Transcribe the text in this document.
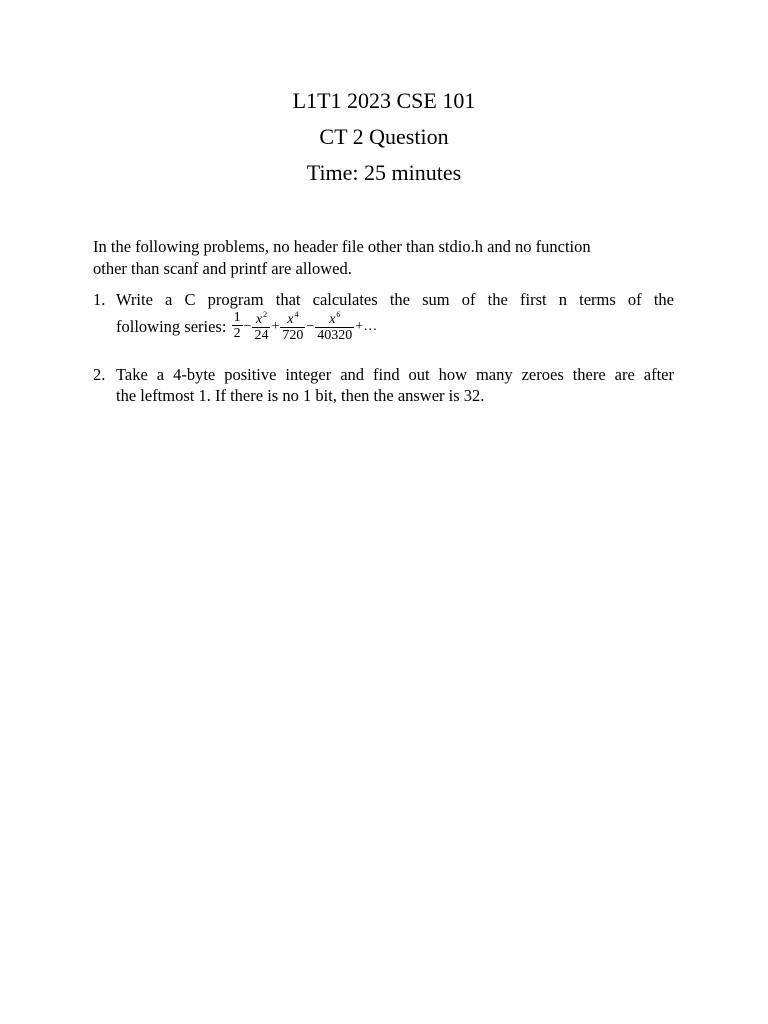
L1T1 2023 CSE 101
CT 2 Question
Time: 25 minutes
In the following problems, no header file other than stdio.h and no function
other than scanf and printf are allowed.
1. Write a C program that calculates the sum of the first n terms of the
following series: $\frac{1}{2} - \frac{x^2}{24} + \frac{x^4}{720} - \frac{x^6}{40320}$ +…
2. Take a 4-byte positive integer and find out how many zeroes there are after
the leftmost 1. If there is no 1 bit, then the answer is 32.
